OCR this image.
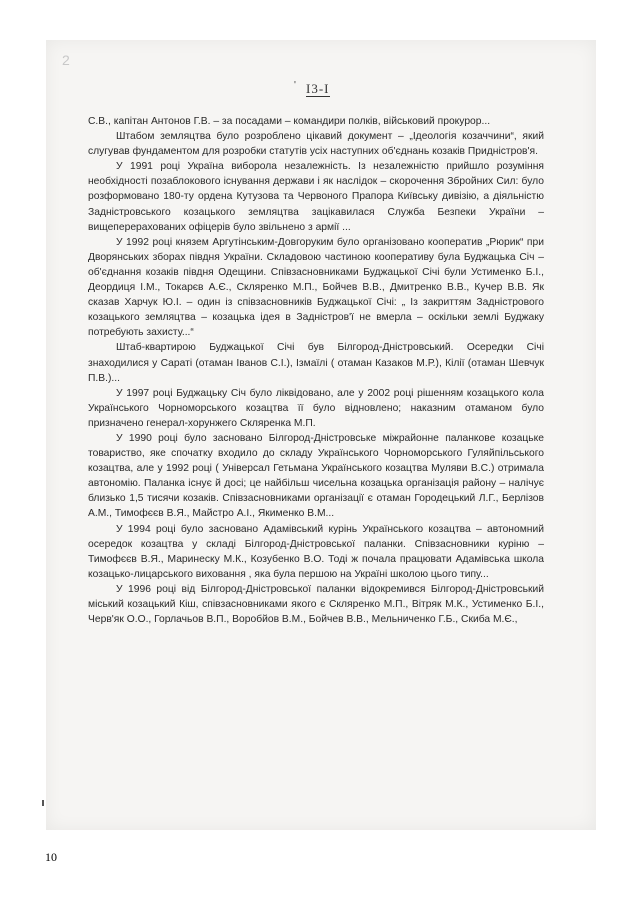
2
' I3-I

С.В., капітан Антонов Г.В. – за посадами – командири полків, військовий прокурор...

Штабом земляцтва було розроблено цікавий документ – „Ідеологія козаччини“, який слугував фундаментом для розробки статутів усіх наступних об'єднань козаків Придністров'я.

У 1991 році Україна виборола незалежність. Із незалежністю прийшло розуміння необхідності позаблокового існування держави і як наслідок – скорочення Збройних Сил: було розформовано 180-ту ордена Кутузова та Червоного Прапора Київську дивізію, а діяльністю Задністровського козацького земляцтва зацікавилася Служба Безпеки України – вищеперерахованих офіцерів було звільнено з армії ...

У 1992 році князем Аргутінським-Довгоруким було організовано кооператив „Рюрик“ при Дворянських зборах півдня України. Складовою частиною кооперативу була Буджацька Січ – об'єднання козаків півдня Одещини. Співзасновниками Буджацької Січі були Устименко Б.І., Деордиця І.М., Токарєв А.Є., Скляренко М.П., Бойчев В.В., Дмитренко В.В., Кучер В.В. Як сказав Харчук Ю.І. – один із співзасновників Буджацької Січі: „ Із закриттям Задністрового козацького земляцтва – козацька ідея в Задністров'ї не вмерла – оскільки землі Буджаку потребують захисту...“

Штаб-квартирою Буджацької Січі був Білгород-Дністровський. Осередки Січі знаходилися у Сараті (отаман Іванов С.І.), Ізмаїлі ( отаман Казаков М.Р.), Кілії (отаман Шевчук П.В.)...

У 1997 році Буджацьку Січ було ліквідовано, але у 2002 році рішенням козацького кола Українського Чорноморського козацтва її було відновлено; наказним отаманом було призначено генерал-хорунжего Скляренка М.П.

У 1990 році було засновано Білгород-Дністровське міжрайонне паланкове козацьке товариство, яке спочатку входило до складу Українського Чорноморського Гуляйпільського козацтва, але у 1992 році ( Універсал Гетьмана Українського козацтва Муляви В.С.) отримала автономію. Паланка існує й досі; це найбільш чисельна козацька організація району – налічує близько 1,5 тисячи козаків. Співзасновниками організації є отаман Городецький Л.Г., Берлізов А.М., Тимофєєв В.Я., Майстро А.І., Якименко В.М...

У 1994 році було засновано Адамівський курінь Українського козацтва – автономний осередок козацтва у складі Білгород-Дністровської паланки. Співзасновники куріню – Тимофєєв В.Я., Маринеску М.К., Козубенко В.О. Тоді ж почала працювати Адамівська школа козацько-лицарського виховання , яка була першою на Україні школою цього типу...

У 1996 році від Білгород-Дністровської паланки відокремився Білгород-Дністровський міський козацький Кіш, співзасновниками якого є Скляренко М.П., Вітряк М.К., Устименко Б.І., Черв'як О.О., Горлачьов В.П., Воробйов В.М., Бойчев В.В., Мельниченко Г.Б., Скиба М.Є.,

10
